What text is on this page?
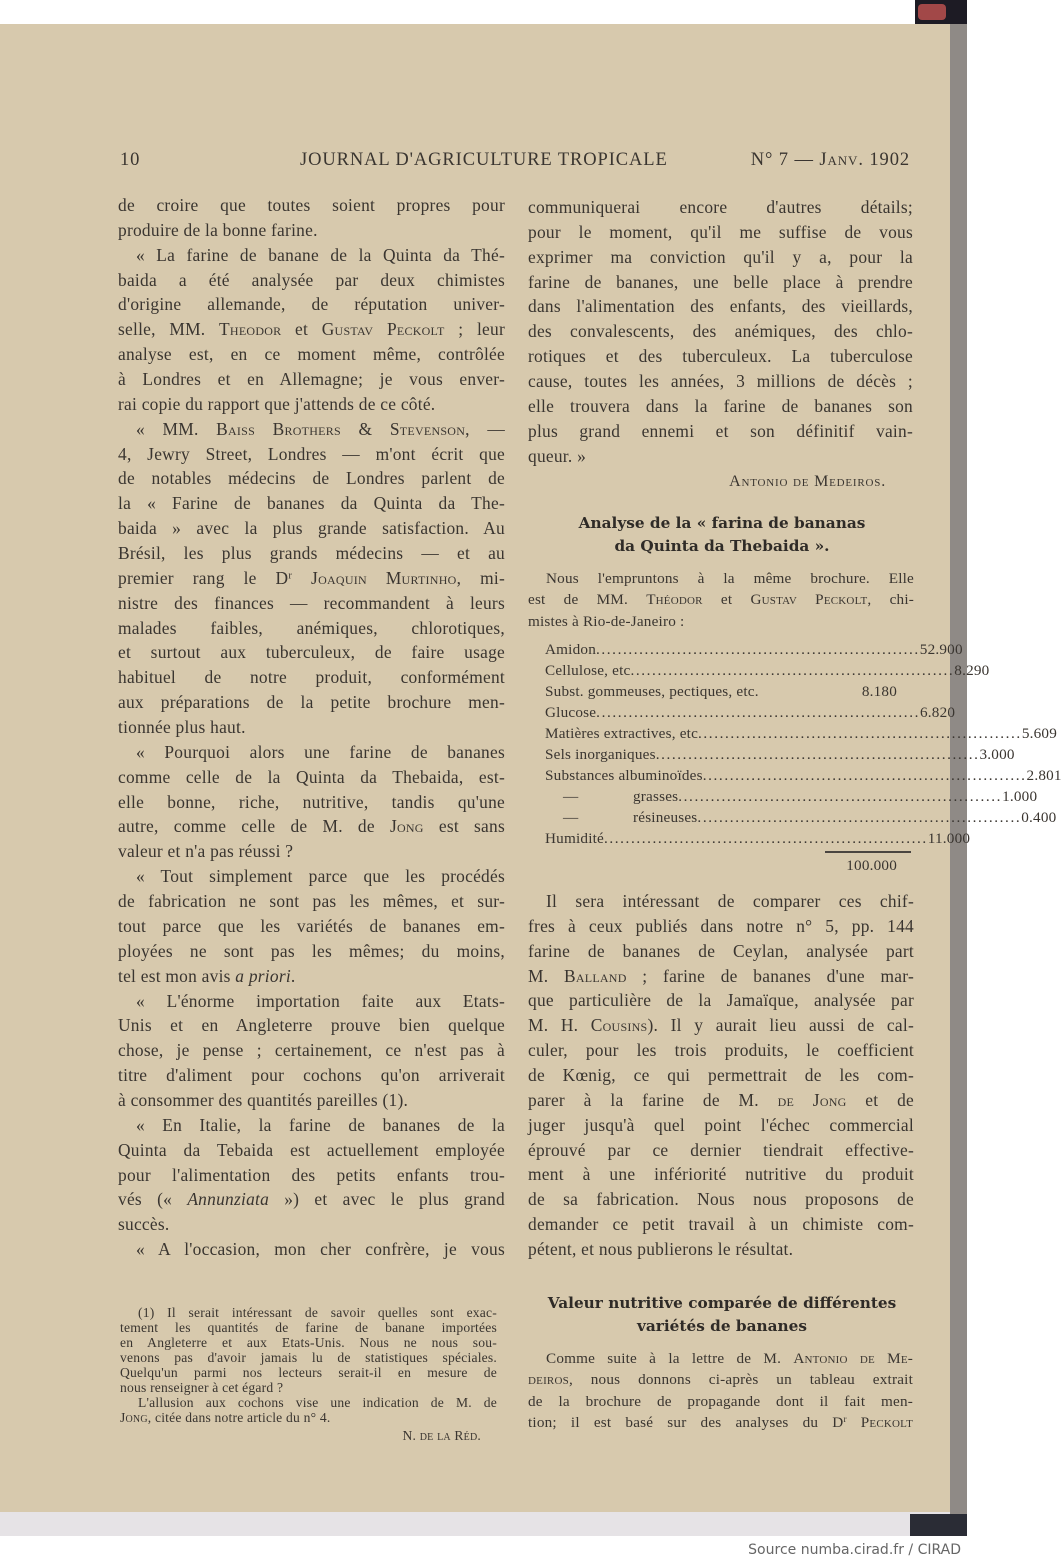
10	JOURNAL D'AGRICULTURE TROPICALE	N° 7 — Janv. 1902
de croire que toutes soient propres pour
produire de la bonne farine.
« La farine de banane de la Quinta da Thé-
baida a été analysée par deux chimistes
d'origine allemande, de réputation univer-
selle, MM. Theodor et Gustav Peckolt ; leur
analyse est, en ce moment même, contrôlée
à Londres et en Allemagne; je vous enver-
rai copie du rapport que j'attends de ce côté.
« MM. Baiss Brothers & Stevenson, —
4, Jewry Street, Londres — m'ont écrit que
de notables médecins de Londres parlent de
la « Farine de bananes da Quinta da The-
baida » avec la plus grande satisfaction. Au
Brésil, les plus grands médecins — et au
premier rang le $D^r$ Joaquin Murtinho, mi-
nistre des finances — recommandent à leurs
malades faibles, anémiques, chlorotiques,
et surtout aux tuberculeux, de faire usage
habituel de notre produit, conformément
aux préparations de la petite brochure men-
tionnée plus haut.
« Pourquoi alors une farine de bananes
comme celle de la Quinta da Thebaida, est-
elle bonne, riche, nutritive, tandis qu'une
autre, comme celle de M. de Jong est sans
valeur et n'a pas réussi ?
« Tout simplement parce que les procédés
de fabrication ne sont pas les mêmes, et sur-
tout parce que les variétés de bananes em-
ployées ne sont pas les mêmes; du moins,
tel est mon avis a priori.
« L'énorme importation faite aux Etats-
Unis et en Angleterre prouve bien quelque
chose, je pense ; certainement, ce n'est pas à
titre d'aliment pour cochons qu'on arriverait
à consommer des quantités pareilles (1).
« En Italie, la farine de bananes de la
Quinta da Tebaida est actuellement employée
pour l'alimentation des petits enfants trou-
vés (« Annunziata ») et avec le plus grand
succès.
« A l'occasion, mon cher confrère, je vous
(1) Il serait intéressant de savoir quelles sont exac-
tement les quantités de farine de banane importées
en Angleterre et aux Etats-Unis. Nous ne nous sou-
venons pas d'avoir jamais lu de statistiques spéciales.
Quelqu'un parmi nos lecteurs serait-il en mesure de
nous renseigner à cet égard ?
L'allusion aux cochons vise une indication de M. de
Jong, citée dans notre article du n° 4.
N. de la Réd.
communiquerai encore d'autres détails;
pour le moment, qu'il me suffise de vous
exprimer ma conviction qu'il y a, pour la
farine de bananes, une belle place à prendre
dans l'alimentation des enfants, des vieillards,
des convalescents, des anémiques, des chlo-
rotiques et des tuberculeux. La tuberculose
cause, toutes les années, 3 millions de décès ;
elle trouvera dans la farine de bananes son
plus grand ennemi et son définitif vain-
queur. »
Antonio de Medeiros.
Analyse de la « farina de bananas
da Quinta da Thebaida ».
Nous l'empruntons à la même brochure. Elle
est de MM. Théodor et Gustav Peckolt, chi-
mistes à Rio-de-Janeiro :
Amidon............................................................ 52.900
Cellulose, etc............................................................ 8.290
Subst. gommeuses, pectiques, etc.	8.180
Glucose............................................................ 6.820
Matières extractives, etc............................................................ 5.609
Sels inorganiques............................................................ 3.000
Substances albuminoïdes............................................................ 2.801
—	grasses............................................................ 1.000
—	résineuses............................................................ 0.400
Humidité............................................................ 11.000
100.000
Il sera intéressant de comparer ces chif-
fres à ceux publiés dans notre n° 5, pp. 144
farine de bananes de Ceylan, analysée part
M. Balland ; farine de bananes d'une mar-
que particulière de la Jamaïque, analysée par
M. H. Cousins). Il y aurait lieu aussi de cal-
culer, pour les trois produits, le coefficient
de Kœnig, ce qui permettrait de les com-
parer à la farine de M. de Jong et de
juger jusqu'à quel point l'échec commercial
éprouvé par ce dernier tiendrait effective-
ment à une infériorité nutritive du produit
de sa fabrication. Nous nous proposons de
demander ce petit travail à un chimiste com-
pétent, et nous publierons le résultat.
Valeur nutritive comparée de différentes
variétés de bananes
Comme suite à la lettre de M. Antonio de Me-
deiros, nous donnons ci-après un tableau extrait
de la brochure de propagande dont il fait men-
tion; il est basé sur des analyses du $D^r$ Peckolt
Source numba.cirad.fr / CIRAD
